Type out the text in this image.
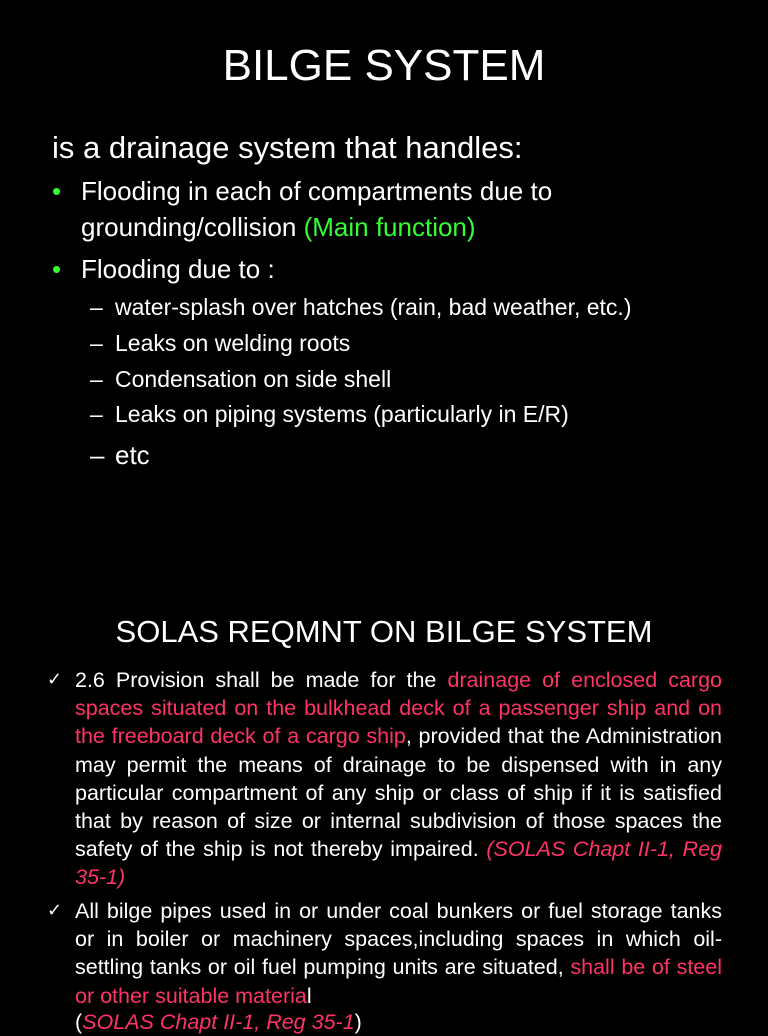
BILGE SYSTEM
is a drainage system that handles:
• Flooding in each of compartments due to grounding/collision (Main function)
• Flooding due to :
– water-splash over hatches (rain, bad weather, etc.)
– Leaks on welding roots
– Condensation on side shell
– Leaks on piping systems (particularly in E/R)
– etc
SOLAS REQMNT ON BILGE SYSTEM
✓ 2.6 Provision shall be made for the drainage of enclosed cargo spaces situated on the bulkhead deck of a passenger ship and on the freeboard deck of a cargo ship, provided that the Administration may permit the means of drainage to be dispensed with in any particular compartment of any ship or class of ship if it is satisfied that by reason of size or internal subdivision of those spaces the safety of the ship is not thereby impaired. (SOLAS Chapt II-1, Reg 35-1)
✓ All bilge pipes used in or under coal bunkers or fuel storage tanks or in boiler or machinery spaces,including spaces in which oil-settling tanks or oil fuel pumping units are situated, shall be of steel or other suitable material
(SOLAS Chapt II-1, Reg 35-1)
